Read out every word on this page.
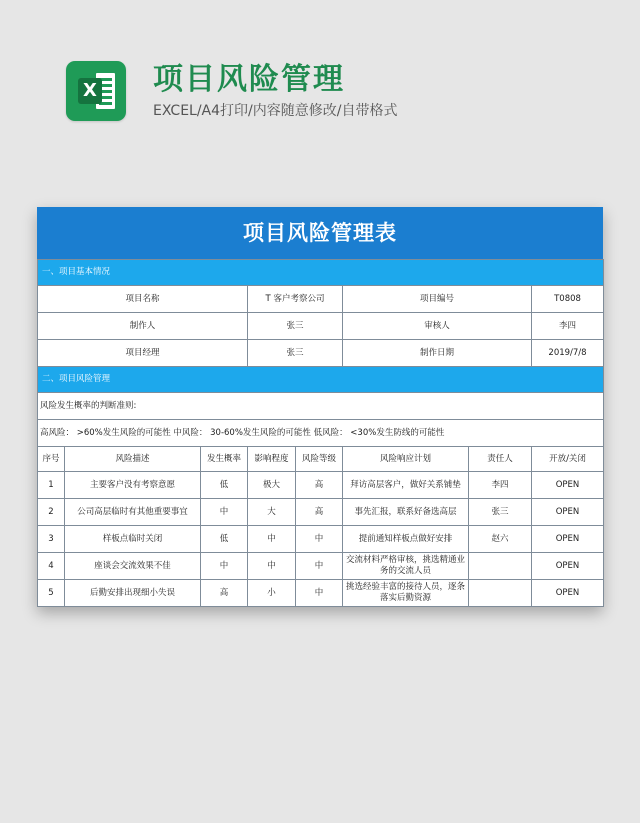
X 项目风险管理
EXCEL/A4打印/内容随意修改/自带格式
项目风险管理表
一、项目基本情况							
项目名称			T 客户考察公司		项目编号		T0808
制作人			张三		审核人		李四
项目经理			张三		制作日期		2019/7/8
二、项目风险管理							
风险发生概率的判断准则:							
高风险： >60%发生风险的可能性 中风险： 30-60%发生风险的可能性 低风险： <30%发生防线的可能性							
序号	风险描述	发生概率	影响程度	风险等级	风险响应计划	责任人	开放/关闭
1	主要客户没有考察意愿	低	极大	高	拜访高层客户，做好关系铺垫	李四	OPEN
2	公司高层临时有其他重要事宜	中	大	高	事先汇报，联系好备选高层	张三	OPEN
3	样板点临时关闭	低	中	中	提前通知样板点做好安排	赵六	OPEN
4	座谈会交流效果不佳	中	中	中	交流材料严格审核，挑选精通业务的交流人员		OPEN
5	后勤安排出现细小失误	高	小	中	挑选经验丰富的接待人员，逐条落实后勤资源		OPEN
